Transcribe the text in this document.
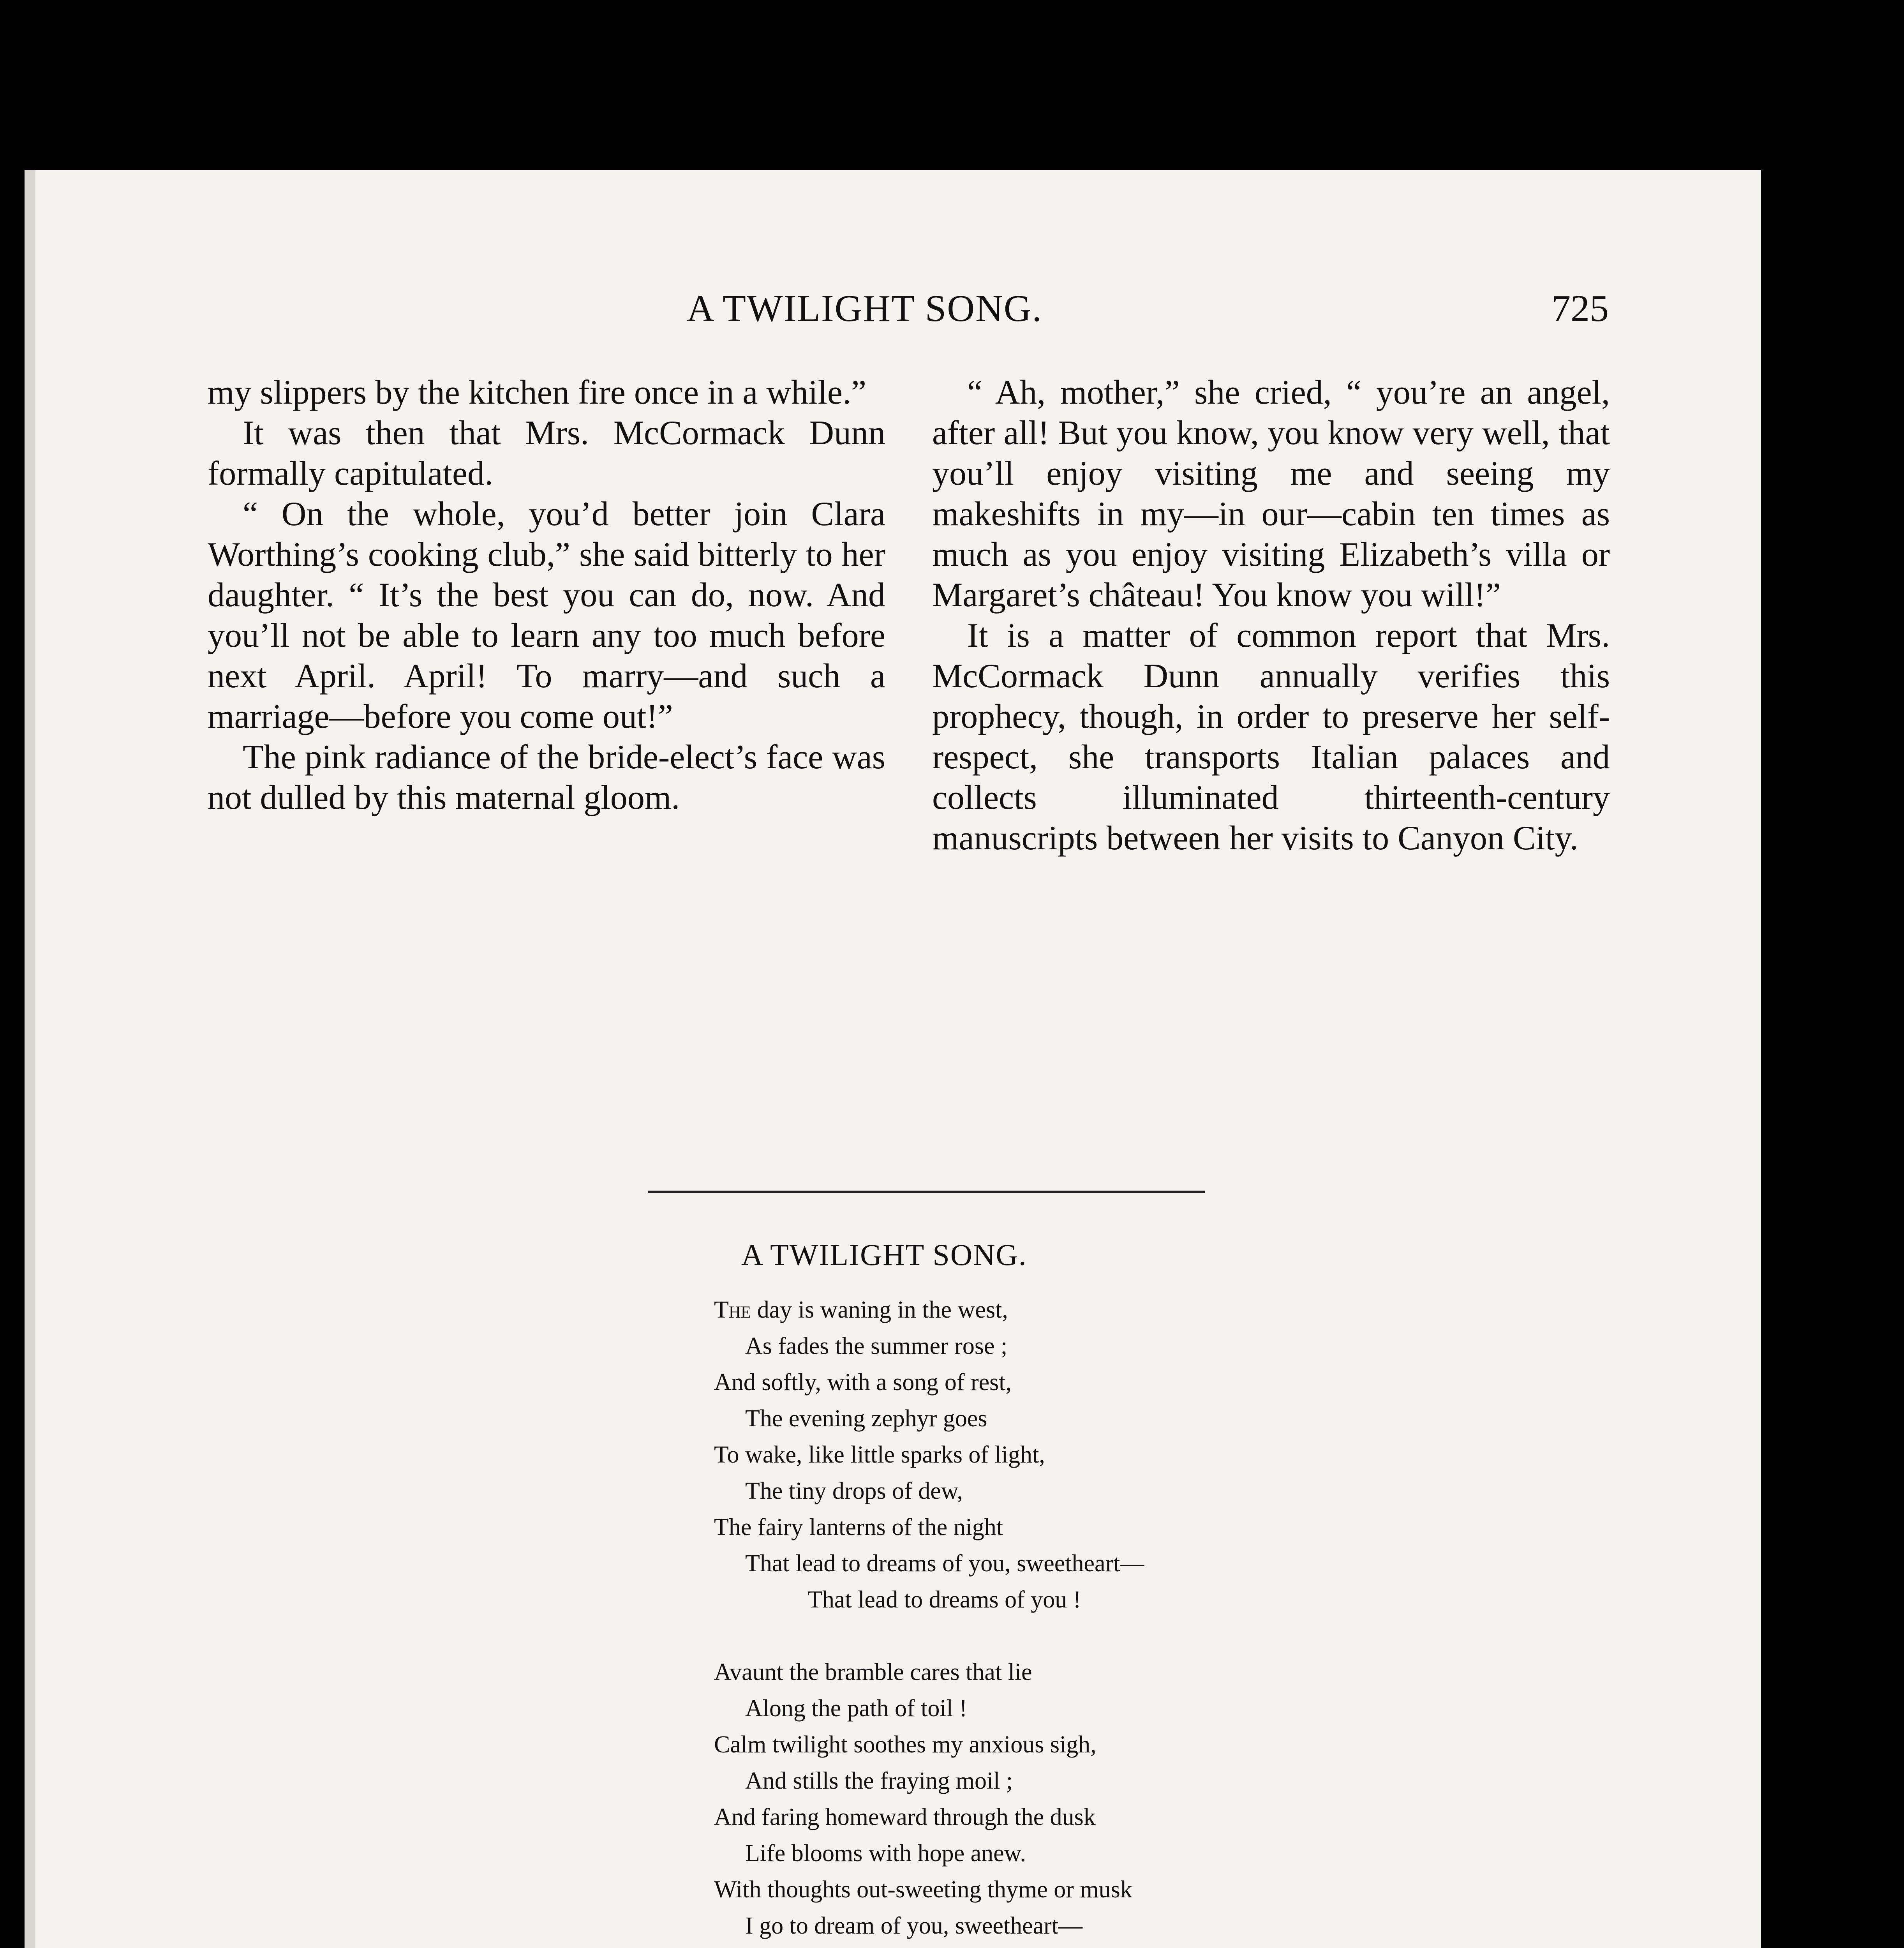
A TWILIGHT SONG.	725

my slippers by the kitchen fire once in a while.”

It was then that Mrs. McCormack Dunn formally capitulated.

“ On the whole, you’d better join Clara Worthing’s cooking club,” she said bitterly to her daughter. “ It’s the best you can do, now. And you’ll not be able to learn any too much before next April. April! To marry—and such a marriage—before you come out!”

The pink radiance of the bride-elect’s face was not dulled by this maternal gloom.

“ Ah, mother,” she cried, “ you’re an angel, after all! But you know, you know very well, that you’ll enjoy visiting me and seeing my makeshifts in my—in our—cabin ten times as much as you enjoy visiting Elizabeth’s villa or Margaret’s château! You know you will!”

It is a matter of common report that Mrs. McCormack Dunn annually verifies this prophecy, though, in order to preserve her self-respect, she transports Italian palaces and collects illuminated thirteenth-century manuscripts between her visits to Canyon City.

A TWILIGHT SONG.
The day is waning in the west,
As fades the summer rose ;
And softly, with a song of rest,
The evening zephyr goes
To wake, like little sparks of light,
The tiny drops of dew,
The fairy lanterns of the night
That lead to dreams of you, sweetheart—
That lead to dreams of you !
Avaunt the bramble cares that lie
Along the path of toil !
Calm twilight soothes my anxious sigh,
And stills the fraying moil ;
And faring homeward through the dusk
Life blooms with hope anew.
With thoughts out-sweeting thyme or musk
I go to dream of you, sweetheart—
